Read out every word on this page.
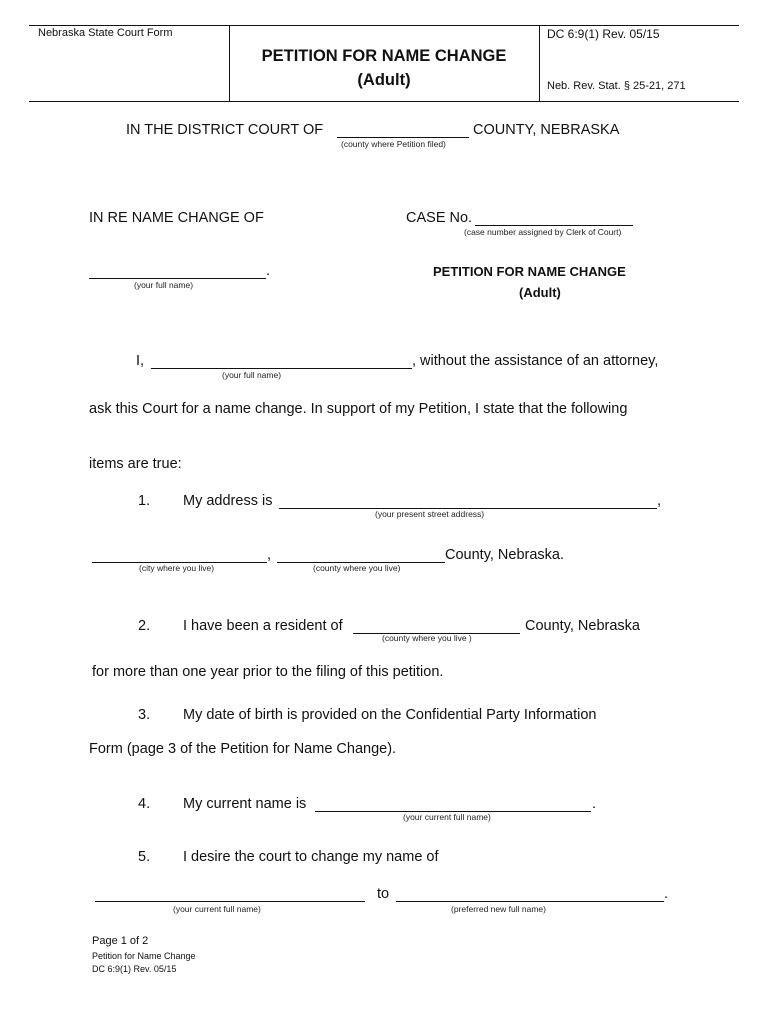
Nebraska State Court Form
PETITION FOR NAME CHANGE
(Adult)
DC 6:9(1) Rev. 05/15
Neb. Rev. Stat. § 25-21, 271
IN THE DISTRICT COURT OF	COUNTY, NEBRASKA
(county where Petition filed)
IN RE NAME CHANGE OF	CASE No.
(case number assigned by Clerk of Court)
.
(your full name)
PETITION FOR NAME CHANGE
(Adult)
I,	, without the assistance of an attorney,
(your full name)
ask this Court for a name change. In support of my Petition, I state that the following
items are true:
1. My address is	,
(your present street address)
,	County, Nebraska.
(city where you live)	(county where you live)
2. I have been a resident of	County, Nebraska
(county where you live )
for more than one year prior to the filing of this petition.
3. My date of birth is provided on the Confidential Party Information
Form (page 3 of the Petition for Name Change).
4. My current name is	.
(your current full name)
5. I desire the court to change my name of
to	.
(your current full name)	(preferred new full name)
Page 1 of 2
Petition for Name Change
DC 6:9(1) Rev. 05/15
